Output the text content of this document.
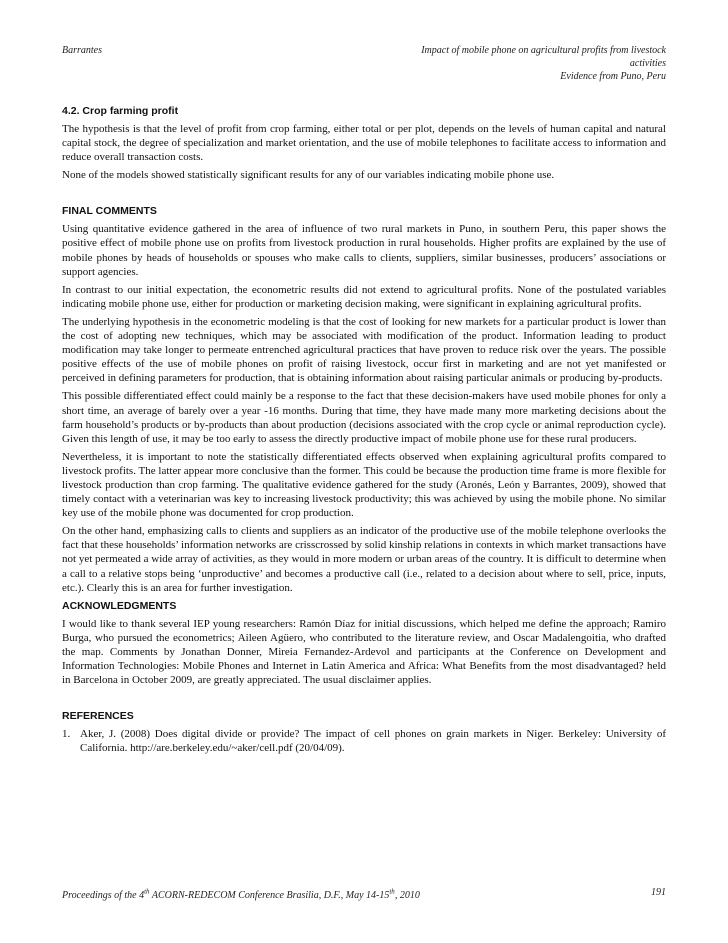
Barrantes	Impact of mobile phone on agricultural profits from livestock
activities
Evidence from Puno, Peru
4.2. Crop farming profit

The hypothesis is that the level of profit from crop farming, either total or per plot, depends on the levels of human capital and natural capital stock, the degree of specialization and market orientation, and the use of mobile telephones to facilitate access to information and reduce overall transaction costs.

None of the models showed statistically significant results for any of our variables indicating mobile phone use.

FINAL COMMENTS

Using quantitative evidence gathered in the area of influence of two rural markets in Puno, in southern Peru, this paper shows the positive effect of mobile phone use on profits from livestock production in rural households. Higher profits are explained by the use of mobile phones by heads of households or spouses who make calls to clients, suppliers, similar businesses, producers’ associations or support agencies.

In contrast to our initial expectation, the econometric results did not extend to agricultural profits. None of the postulated variables indicating mobile phone use, either for production or marketing decision making, were significant in explaining agricultural profits.

The underlying hypothesis in the econometric modeling is that the cost of looking for new markets for a particular product is lower than the cost of adopting new techniques, which may be associated with modification of the product. Information leading to product modification may take longer to permeate entrenched agricultural practices that have proven to reduce risk over the years. The possible positive effects of the use of mobile phones on profit of raising livestock, occur first in marketing and are not yet manifested or perceived in defining parameters for production, that is obtaining information about raising particular animals or producing by-products.

This possible differentiated effect could mainly be a response to the fact that these decision-makers have used mobile phones for only a short time, an average of barely over a year -16 months. During that time, they have made many more marketing decisions about the farm household’s products or by-products than about production (decisions associated with the crop cycle or animal reproduction cycle). Given this length of use, it may be too early to assess the directly productive impact of mobile phone use for these rural producers.

Nevertheless, it is important to note the statistically differentiated effects observed when explaining agricultural profits compared to livestock profits. The latter appear more conclusive than the former. This could be because the production time frame is more flexible for livestock production than crop farming. The qualitative evidence gathered for the study (Aronés, León y Barrantes, 2009), showed that timely contact with a veterinarian was key to increasing livestock productivity; this was achieved by using the mobile phone. No similar key use of the mobile phone was documented for crop production.

On the other hand, emphasizing calls to clients and suppliers as an indicator of the productive use of the mobile telephone overlooks the fact that these households’ information networks are crisscrossed by solid kinship relations in contexts in which market transactions have not yet permeated a wide array of activities, as they would in more modern or urban areas of the country. It is difficult to determine when a call to a relative stops being ‘unproductive’ and becomes a productive call (i.e., related to a decision about where to sell, price, inputs, etc.). Clearly this is an area for further investigation.

ACKNOWLEDGMENTS

I would like to thank several IEP young researchers: Ramón Díaz for initial discussions, which helped me define the approach; Ramiro Burga, who pursued the econometrics; Aileen Agüero, who contributed to the literature review, and Oscar Madalengoitia, who drafted the map. Comments by Jonathan Donner, Mireia Fernandez-Ardevol and participants at the Conference on Development and Information Technologies: Mobile Phones and Internet in Latin America and Africa: What Benefits from the most disadvantaged? held in Barcelona in October 2009, are greatly appreciated. The usual disclaimer applies.

REFERENCES
1. Aker, J. (2008) Does digital divide or provide? The impact of cell phones on grain markets in Niger. Berkeley: University of California. http://are.berkeley.edu/~aker/cell.pdf (20/04/09).
Proceedings of the 4th ACORN-REDECOM Conference Brasilia, D.F., May 14-15th, 2010	191
